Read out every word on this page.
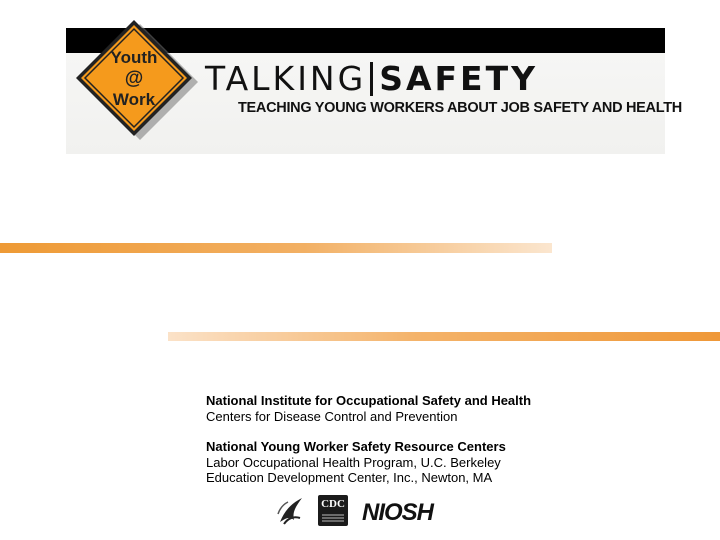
Youth
@
Work
TALKING SAFETY
TEACHING YOUNG WORKERS ABOUT JOB SAFETY AND HEALTH
National Institute for Occupational Safety and Health
Centers for Disease Control and Prevention
National Young Worker Safety Resource Centers
Labor Occupational Health Program, U.C. Berkeley
Education Development Center, Inc., Newton, MA
CDC NIOSH
